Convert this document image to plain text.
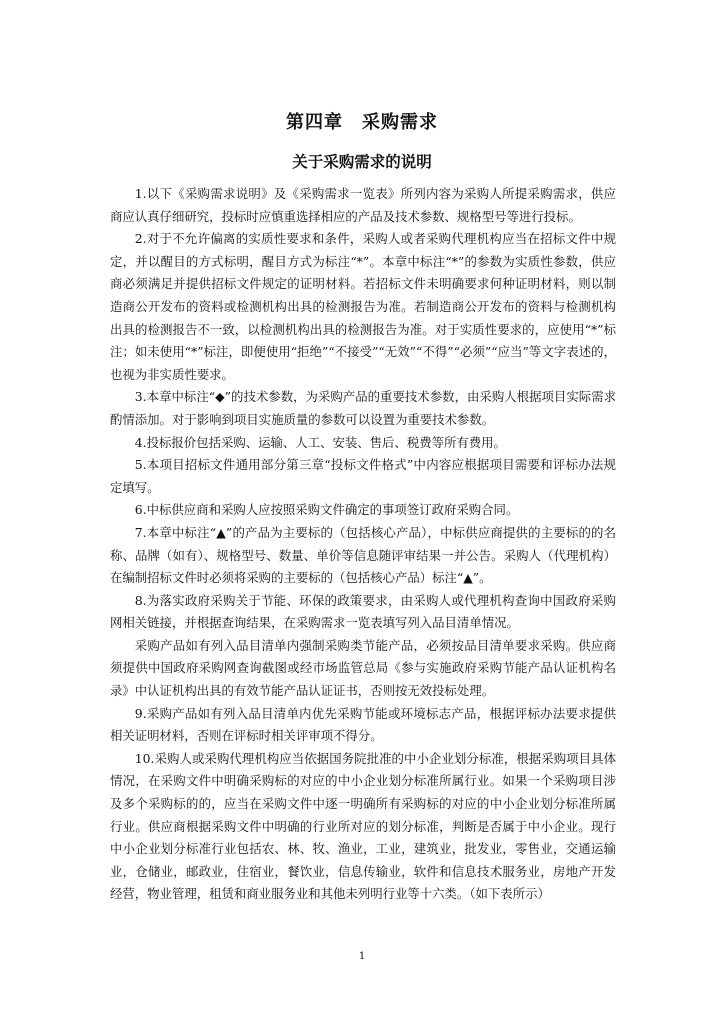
第四章　采购需求
关于采购需求的说明

1.以下《采购需求说明》及《采购需求一览表》所列内容为采购人所提采购需求，供应商应认真仔细研究，投标时应慎重选择相应的产品及技术参数、规格型号等进行投标。

2.对于不允许偏离的实质性要求和条件，采购人或者采购代理机构应当在招标文件中规定，并以醒目的方式标明，醒目方式为标注“*”。本章中标注“*”的参数为实质性参数，供应商必须满足并提供招标文件规定的证明材料。若招标文件未明确要求何种证明材料，则以制造商公开发布的资料或检测机构出具的检测报告为准。若制造商公开发布的资料与检测机构出具的检测报告不一致，以检测机构出具的检测报告为准。对于实质性要求的，应使用“*”标注；如未使用“*”标注，即便使用“拒绝”“不接受”“无效”“不得”“必须”“应当”等文字表述的，也视为非实质性要求。

3.本章中标注“◆”的技术参数，为采购产品的重要技术参数，由采购人根据项目实际需求酌情添加。对于影响到项目实施质量的参数可以设置为重要技术参数。

4.投标报价包括采购、运输、人工、安装、售后、税费等所有费用。

5.本项目招标文件通用部分第三章“投标文件格式”中内容应根据项目需要和评标办法规定填写。

6.中标供应商和采购人应按照采购文件确定的事项签订政府采购合同。

7.本章中标注“▲”的产品为主要标的（包括核心产品），中标供应商提供的主要标的的名称、品牌（如有）、规格型号、数量、单价等信息随评审结果一并公告。采购人（代理机构）在编制招标文件时必须将采购的主要标的（包括核心产品）标注“▲”。

8.为落实政府采购关于节能、环保的政策要求，由采购人或代理机构查询中国政府采购网相关链接，并根据查询结果，在采购需求一览表填写列入品目清单情况。

采购产品如有列入品目清单内强制采购类节能产品，必须按品目清单要求采购。供应商须提供中国政府采购网查询截图或经市场监管总局《参与实施政府采购节能产品认证机构名录》中认证机构出具的有效节能产品认证证书，否则按无效投标处理。

9.采购产品如有列入品目清单内优先采购节能或环境标志产品，根据评标办法要求提供相关证明材料，否则在评标时相关评审项不得分。

10.采购人或采购代理机构应当依据国务院批准的中小企业划分标准，根据采购项目具体情况，在采购文件中明确采购标的对应的中小企业划分标准所属行业。如果一个采购项目涉及多个采购标的的，应当在采购文件中逐一明确所有采购标的对应的中小企业划分标准所属行业。供应商根据采购文件中明确的行业所对应的划分标准，判断是否属于中小企业。现行中小企业划分标准行业包括农、林、牧、渔业，工业，建筑业，批发业，零售业，交通运输业，仓储业，邮政业，住宿业，餐饮业，信息传输业，软件和信息技术服务业，房地产开发经营，物业管理，租赁和商业服务业和其他未列明行业等十六类。（如下表所示）

1
